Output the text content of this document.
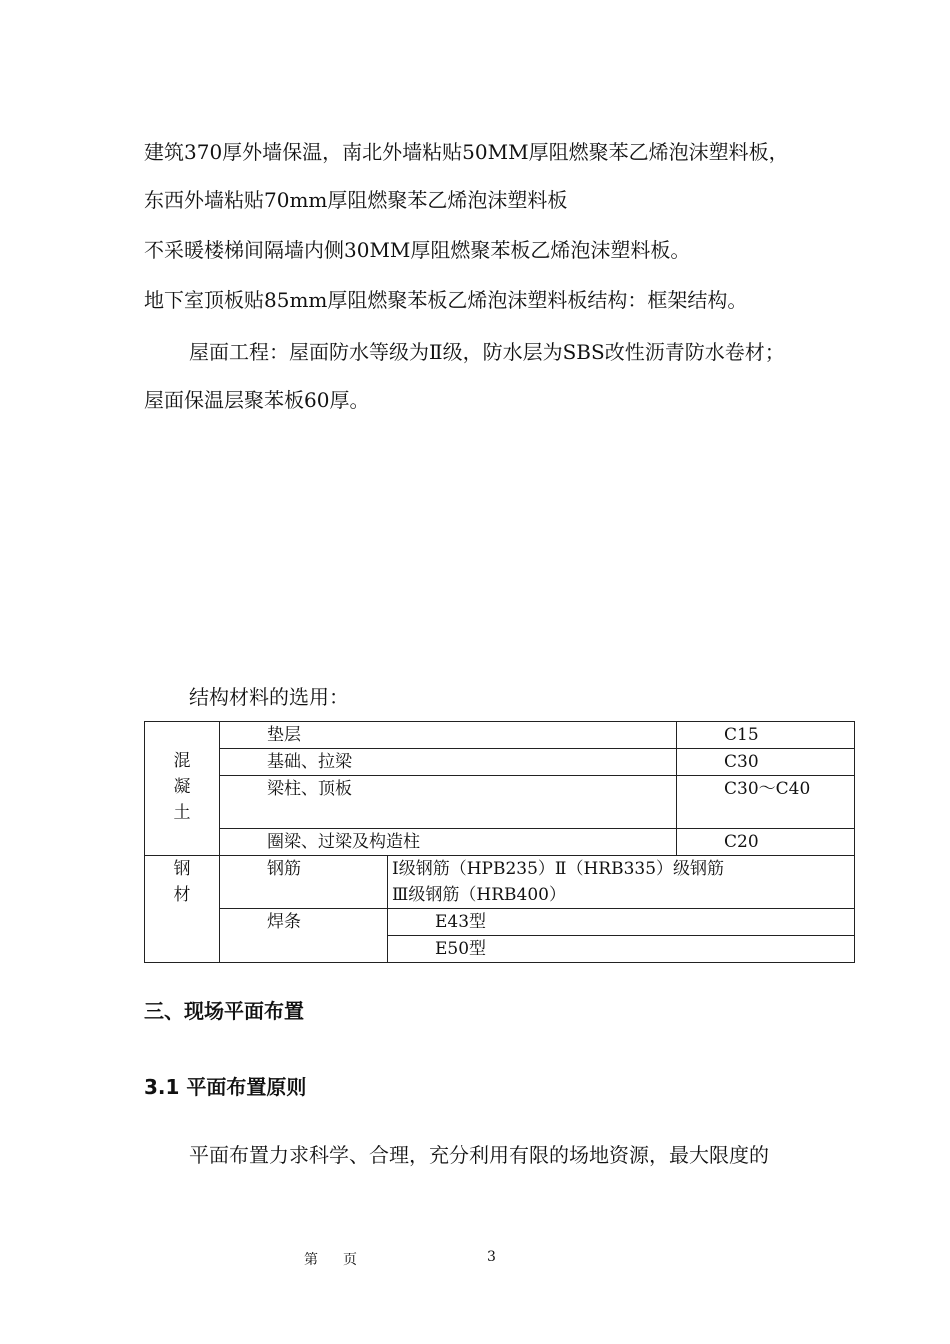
建筑370厚外墙保温，南北外墙粘贴50MM厚阻燃聚苯乙烯泡沫塑料板，
东西外墙粘贴70mm厚阻燃聚苯乙烯泡沫塑料板
不采暖楼梯间隔墙内侧30MM厚阻燃聚苯板乙烯泡沫塑料板。
地下室顶板贴85mm厚阻燃聚苯板乙烯泡沫塑料板结构：框架结构。
屋面工程：屋面防水等级为Ⅱ级，防水层为SBS改性沥青防水卷材；
屋面保温层聚苯板60厚。
结构材料的选用：
混凝土	垫层		C15
	基础、拉梁		C30
	梁柱、顶板		C30～C40
	圈梁、过梁及构造柱		C20
钢材	钢筋	Ⅰ级钢筋（HPB235）Ⅱ（HRB335）级钢筋
Ⅲ级钢筋（HRB400）	

	焊条	E43型	
		E50型	
三、现场平面布置
3.1 平面布置原则
平面布置力求科学、合理，充分利用有限的场地资源，最大限度的
第 页	3
